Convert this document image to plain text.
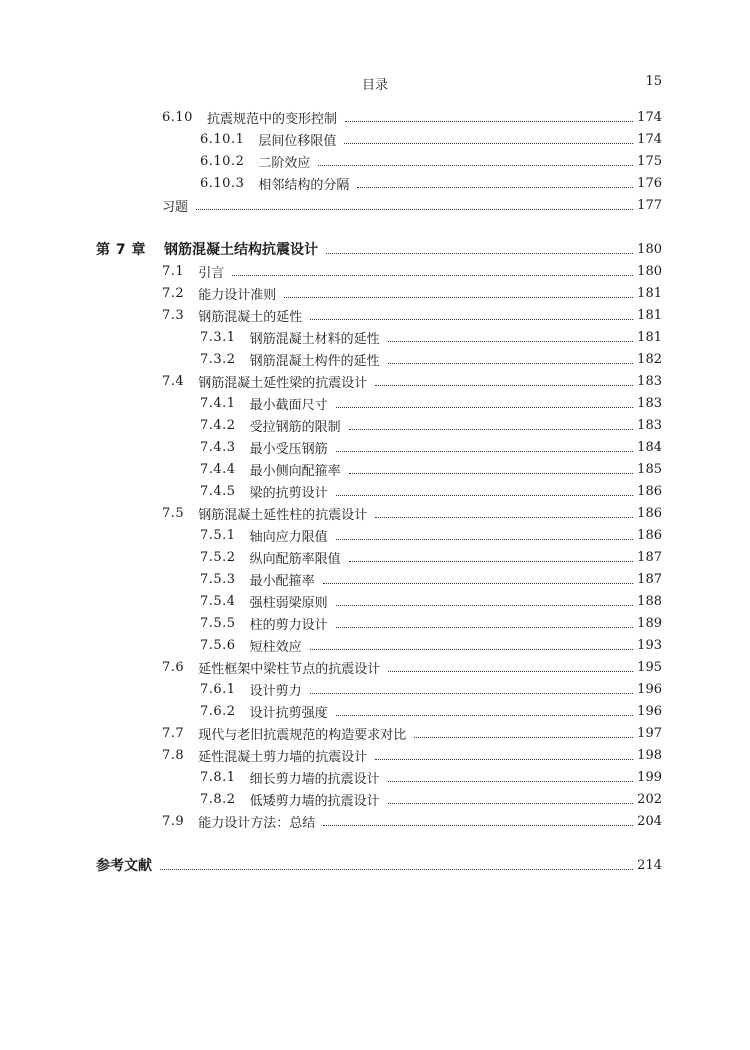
目录	15
6.10 抗震规范中的变形控制	174
6.10.1 层间位移限值	174
6.10.2 二阶效应	175
6.10.3 相邻结构的分隔	176
习题	177
第 7 章 钢筋混凝土结构抗震设计	180
7.1 引言	180
7.2 能力设计准则	181
7.3 钢筋混凝土的延性	181
7.3.1 钢筋混凝土材料的延性	181
7.3.2 钢筋混凝土构件的延性	182
7.4 钢筋混凝土延性梁的抗震设计	183
7.4.1 最小截面尺寸	183
7.4.2 受拉钢筋的限制	183
7.4.3 最小受压钢筋	184
7.4.4 最小侧向配箍率	185
7.4.5 梁的抗剪设计	186
7.5 钢筋混凝土延性柱的抗震设计	186
7.5.1 轴向应力限值	186
7.5.2 纵向配筋率限值	187
7.5.3 最小配箍率	187
7.5.4 强柱弱梁原则	188
7.5.5 柱的剪力设计	189
7.5.6 短柱效应	193
7.6 延性框架中梁柱节点的抗震设计	195
7.6.1 设计剪力	196
7.6.2 设计抗剪强度	196
7.7 现代与老旧抗震规范的构造要求对比	197
7.8 延性混凝土剪力墙的抗震设计	198
7.8.1 细长剪力墙的抗震设计	199
7.8.2 低矮剪力墙的抗震设计	202
7.9 能力设计方法：总结	204
参考文献	214
